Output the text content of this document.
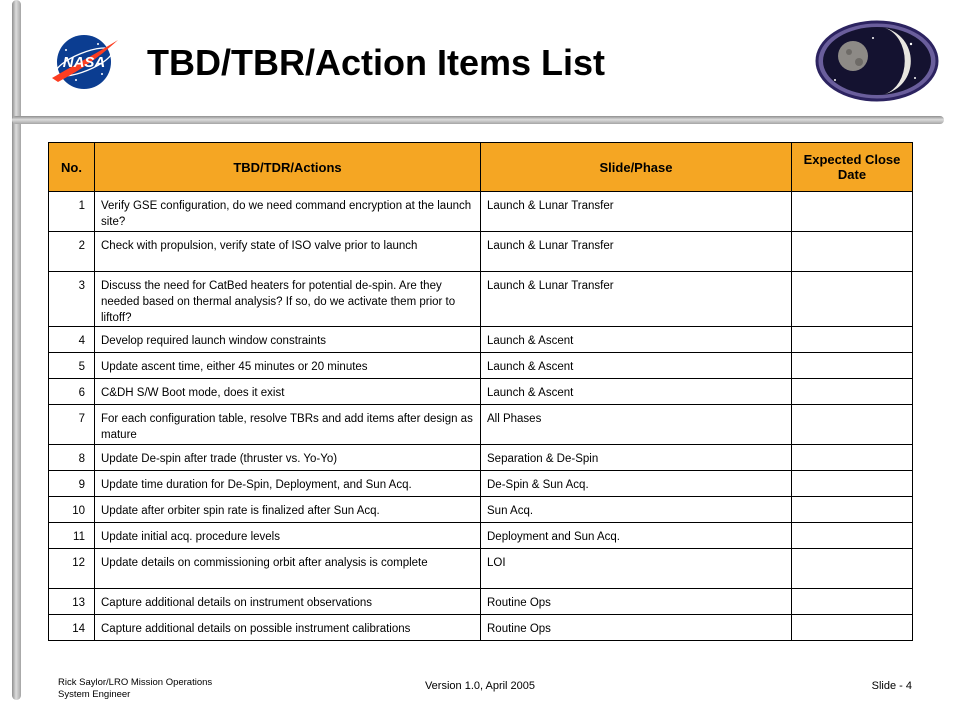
NASA TBD/TBR/Action Items List
No.	TBD/TDR/Actions	Slide/Phase	Expected Close Date
1	Verify GSE configuration, do we need command encryption at the launch site?	Launch & Lunar Transfer	
2	Check with propulsion, verify state of ISO valve prior to launch	Launch & Lunar Transfer	
3	Discuss the need for CatBed heaters for potential de-spin. Are they needed based on thermal analysis? If so, do we activate them prior to liftoff?	Launch & Lunar Transfer	
4	Develop required launch window constraints	Launch & Ascent	
5	Update ascent time, either 45 minutes or 20 minutes	Launch & Ascent	
6	C&DH S/W Boot mode, does it exist	Launch & Ascent	
7	For each configuration table, resolve TBRs and add items after design as mature	All Phases	
8	Update De-spin after trade (thruster vs. Yo-Yo)	Separation & De-Spin	
9	Update time duration for De-Spin, Deployment, and Sun Acq.	De-Spin & Sun Acq.	
10	Update after orbiter spin rate is finalized after Sun Acq.	Sun Acq.	
11	Update initial acq. procedure levels	Deployment and Sun Acq.	
12	Update details on commissioning orbit after analysis is complete	LOI	
13	Capture additional details on instrument observations	Routine Ops	
14	Capture additional details on possible instrument calibrations	Routine Ops	
Rick Saylor/LRO Mission Operations
System Engineer
Version 1.0, April 2005	Slide - 4
